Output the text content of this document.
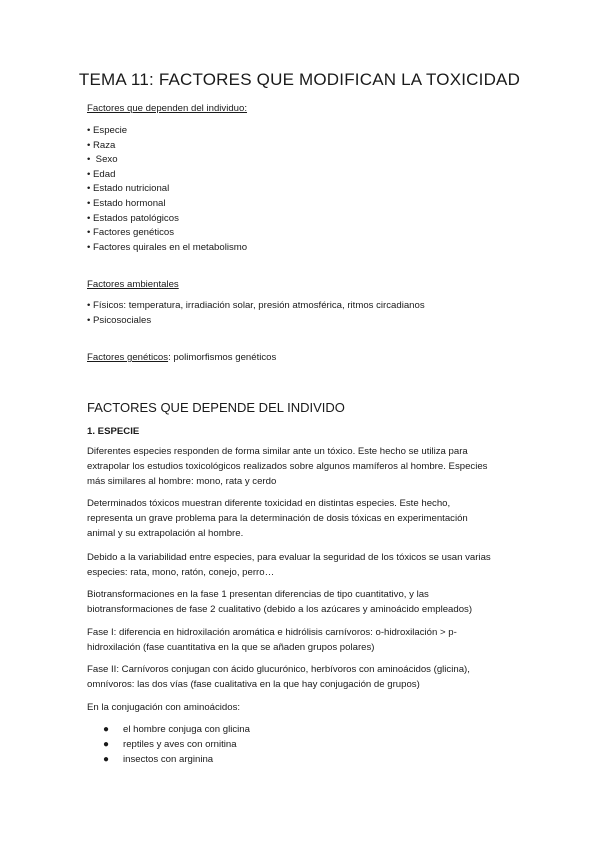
TEMA 11: FACTORES QUE MODIFICAN LA TOXICIDAD
Factores que dependen del individuo:
• Especie
• Raza
• Sexo
• Edad
• Estado nutricional
• Estado hormonal
• Estados patológicos
• Factores genéticos
• Factores quirales en el metabolismo
Factores ambientales
• Físicos: temperatura, irradiación solar, presión atmosférica, ritmos circadianos
• Psicosociales
Factores genéticos: polimorfismos genéticos
FACTORES QUE DEPENDE DEL INDIVIDO
1. ESPECIE
Diferentes especies responden de forma similar ante un tóxico. Este hecho se utiliza para
extrapolar los estudios toxicológicos realizados sobre algunos mamíferos al hombre. Especies
más similares al hombre: mono, rata y cerdo
Determinados tóxicos muestran diferente toxicidad en distintas especies. Este hecho,
representa un grave problema para la determinación de dosis tóxicas en experimentación
animal y su extrapolación al hombre.
Debido a la variabilidad entre especies, para evaluar la seguridad de los tóxicos se usan varias
especies: rata, mono, ratón, conejo, perro…
Biotransformaciones en la fase 1 presentan diferencias de tipo cuantitativo, y las
biotransformaciones de fase 2 cualitativo (debido a los azúcares y aminoácido empleados)
Fase I: diferencia en hidroxilación aromática e hidrólisis carnívoros: o-hidroxilación > p-
hidroxilación (fase cuantitativa en la que se añaden grupos polares)
Fase II: Carnívoros conjugan con ácido glucurónico, herbívoros con aminoácidos (glicina),
omnívoros: las dos vías (fase cualitativa en la que hay conjugación de grupos)
En la conjugación con aminoácidos:
● el hombre conjuga con glicina
● reptiles y aves con ornitina
● insectos con arginina
